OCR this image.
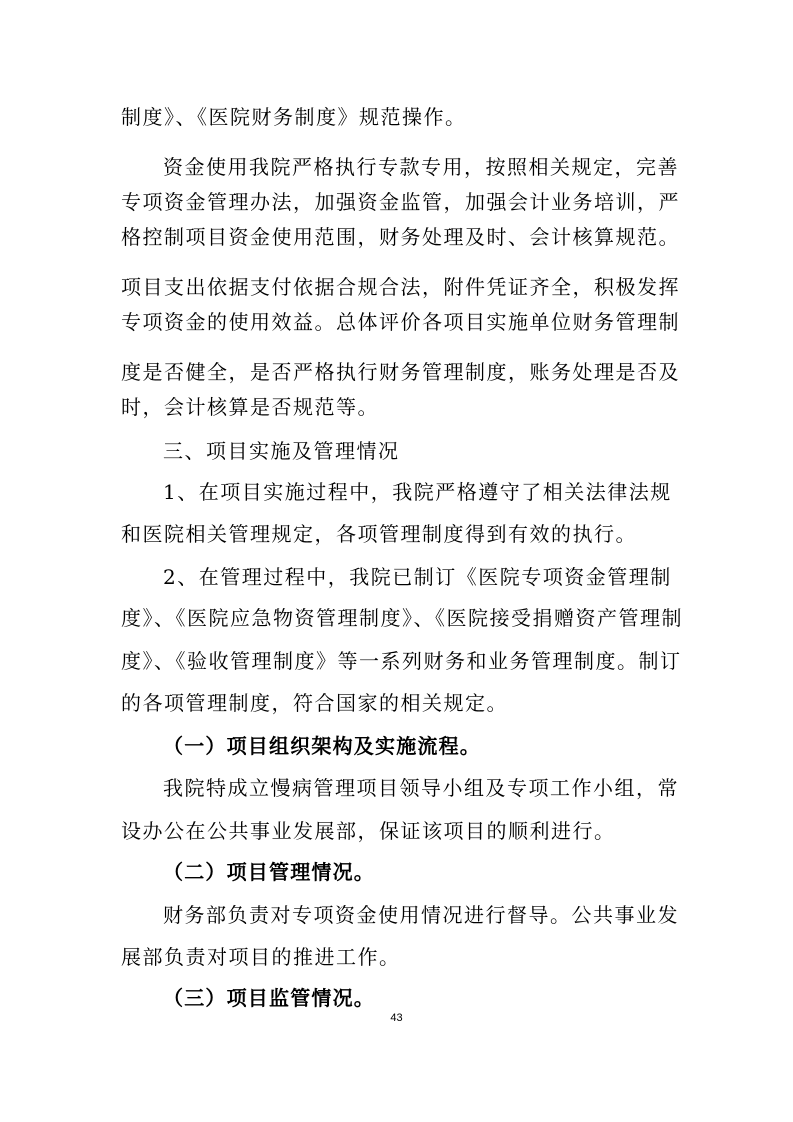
制度》、《医院财务制度》规范操作。
资金使用我院严格执行专款专用，按照相关规定，完善
专项资金管理办法，加强资金监管，加强会计业务培训，严
格控制项目资金使用范围，财务处理及时、会计核算规范。
项目支出依据支付依据合规合法，附件凭证齐全，积极发挥
专项资金的使用效益。总体评价各项目实施单位财务管理制
度是否健全，是否严格执行财务管理制度，账务处理是否及
时，会计核算是否规范等。
三、项目实施及管理情况
1、在项目实施过程中，我院严格遵守了相关法律法规
和医院相关管理规定，各项管理制度得到有效的执行。
2、在管理过程中，我院已制订《医院专项资金管理制
度》、《医院应急物资管理制度》、《医院接受捐赠资产管理制
度》、《验收管理制度》等一系列财务和业务管理制度。制订
的各项管理制度，符合国家的相关规定。
（一）项目组织架构及实施流程。
我院特成立慢病管理项目领导小组及专项工作小组，常
设办公在公共事业发展部，保证该项目的顺利进行。
（二）项目管理情况。
财务部负责对专项资金使用情况进行督导。公共事业发
展部负责对项目的推进工作。
（三）项目监管情况。
43
